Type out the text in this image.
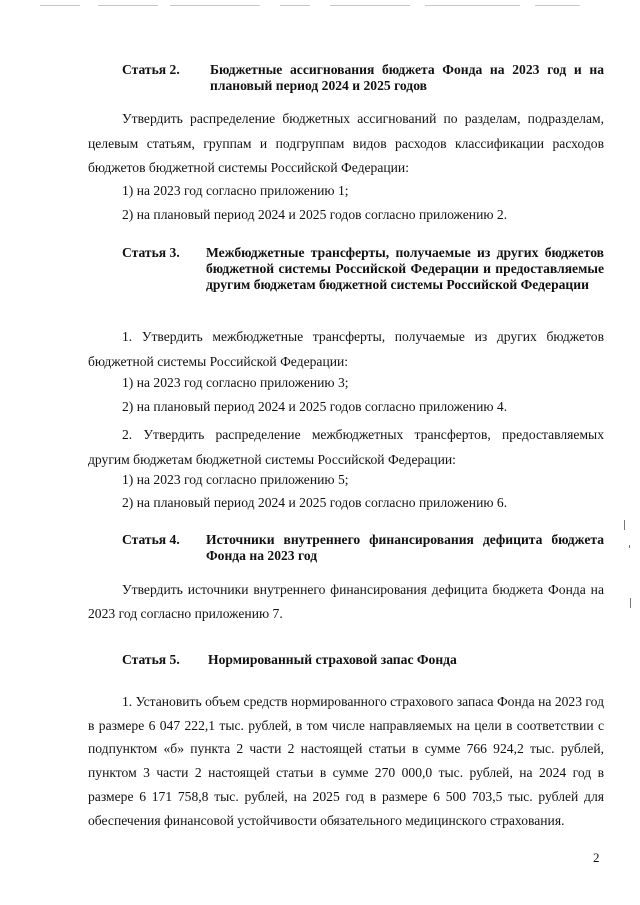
Статья 2. Бюджетные ассигнования бюджета Фонда на 2023 год и на плановый период 2024 и 2025 годов
Утвердить распределение бюджетных ассигнований по разделам, подразделам, целевым статьям, группам и подгруппам видов расходов классификации расходов бюджетов бюджетной системы Российской Федерации:
1) на 2023 год согласно приложению 1;
2) на плановый период 2024 и 2025 годов согласно приложению 2.
Статья 3. Межбюджетные трансферты, получаемые из других бюджетов бюджетной системы Российской Федерации и предоставляемые другим бюджетам бюджетной системы Российской Федерации
1. Утвердить межбюджетные трансферты, получаемые из других бюджетов бюджетной системы Российской Федерации:
1) на 2023 год согласно приложению 3;
2) на плановый период 2024 и 2025 годов согласно приложению 4.
2. Утвердить распределение межбюджетных трансфертов, предоставляемых другим бюджетам бюджетной системы Российской Федерации:
1) на 2023 год согласно приложению 5;
2) на плановый период 2024 и 2025 годов согласно приложению 6.
Статья 4. Источники внутреннего финансирования дефицита бюджета Фонда на 2023 год
Утвердить источники внутреннего финансирования дефицита бюджета Фонда на 2023 год согласно приложению 7.
Статья 5. Нормированный страховой запас Фонда
1. Установить объем средств нормированного страхового запаса Фонда на 2023 год в размере 6 047 222,1 тыс. рублей, в том числе направляемых на цели в соответствии с подпунктом «б» пункта 2 части 2 настоящей статьи в сумме 766 924,2 тыс. рублей, пунктом 3 части 2 настоящей статьи в сумме 270 000,0 тыс. рублей, на 2024 год в размере 6 171 758,8 тыс. рублей, на 2025 год в размере 6 500 703,5 тыс. рублей для обеспечения финансовой устойчивости обязательного медицинского страхования.
2
